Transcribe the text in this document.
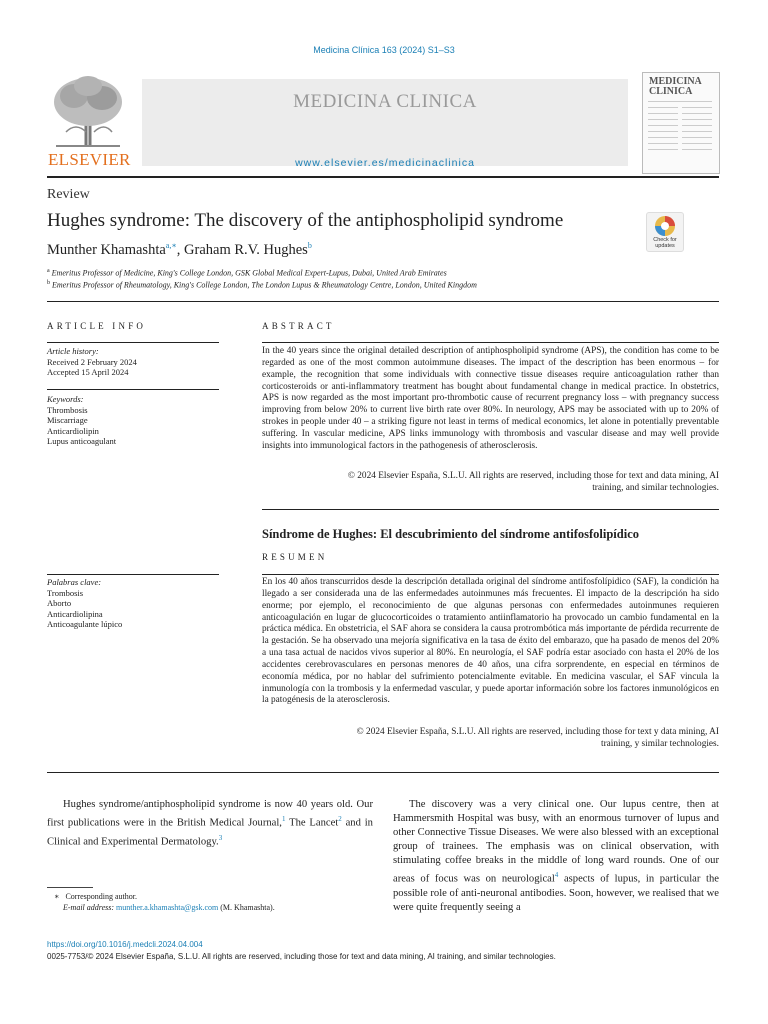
Medicina Clínica 163 (2024) S1–S3
ELSEVIER
MEDICINA CLINICA
www.elsevier.es/medicinaclinica
MEDICINA
CLINICA
Review
Hughes syndrome: The discovery of the antiphospholipid syndrome
Check for
updates
Munther Khamashta$^{a,∗}$, Graham R.V. Hughes$^b$
$^a$ Emeritus Professor of Medicine, King's College London, GSK Global Medical Expert-Lupus, Dubai, United Arab Emirates
$^b$ Emeritus Professor of Rheumatology, King's College London, The London Lupus & Rheumatology Centre, London, United Kingdom
ARTICLE INFO
Article history:
Received 2 February 2024
Accepted 15 April 2024
Keywords:
Thrombosis
Miscarriage
Anticardiolipin
Lupus anticoagulant
Palabras clave:
Trombosis
Aborto
Anticardiolipina
Anticoagulante lúpico
ABSTRACT
In the 40 years since the original detailed description of antiphospholipid syndrome (APS), the condition has come to be regarded as one of the most common autoimmune diseases. The impact of the description has been enormous – for example, the recognition that some individuals with connective tissue diseases require anticoagulation rather than corticosteroids or anti-inflammatory treatment has bought about fundamental change in medical practice. In obstetrics, APS is now regarded as the most important pro-thrombotic cause of recurrent pregnancy loss – with pregnancy success improving from below 20% to current live birth rate over 80%. In neurology, APS may be associated with up to 20% of strokes in people under 40 – a striking figure not least in terms of medical economics, let alone in potentially preventable suffering. In vascular medicine, APS links immunology with thrombosis and vascular disease and may well provide insights into immunological factors in the pathogenesis of atherosclerosis.
© 2024 Elsevier España, S.L.U. All rights are reserved, including those for text and data mining, AI
training, and similar technologies.
Síndrome de Hughes: El descubrimiento del síndrome antifosfolipídico
RESUMEN
En los 40 años transcurridos desde la descripción detallada original del síndrome antifosfolípidico (SAF), la condición ha llegado a ser considerada una de las enfermedades autoinmunes más frecuentes. El impacto de la descripción ha sido enorme; por ejemplo, el reconocimiento de que algunas personas con enfermedades autoinmunes requieren anticoagulación en lugar de glucocorticoides o tratamiento antiinflamatorio ha provocado un cambio fundamental en la práctica médica. En obstetricia, el SAF ahora se considera la causa protrombótica más importante de pérdida recurrente de la gestación. Se ha observado una mejoría significativa en la tasa de éxito del embarazo, que ha pasado de menos del 20% a una tasa actual de nacidos vivos superior al 80%. En neurología, el SAF podría estar asociado con hasta el 20% de los accidentes cerebrovasculares en personas menores de 40 años, una cifra sorprendente, en especial en términos de economía médica, por no hablar del sufrimiento potencialmente evitable. En medicina vascular, el SAF vincula la inmunología con la trombosis y la enfermedad vascular, y puede aportar información sobre los factores inmunológicos en la patogénesis de la aterosclerosis.
© 2024 Elsevier España, S.L.U. All rights are reserved, including those for text y data mining, AI
training, y similar technologies.
Hughes syndrome/antiphospholipid syndrome is now 40 years old. Our first publications were in the British Medical Journal,$^1$ The Lancet$^2$ and in Clinical and Experimental Dermatology.$^3$
The discovery was a very clinical one. Our lupus centre, then at Hammersmith Hospital was busy, with an enormous turnover of lupus and other Connective Tissue Diseases. We were also blessed with an exceptional group of trainees. The emphasis was on clinical observation, with stimulating coffee breaks in the middle of long ward rounds. One of our areas of focus was on neurological$^4$ aspects of lupus, in particular the possible role of anti-neuronal antibodies. Soon, however, we realised that we were quite frequently seeing a
∗ Corresponding author.
E-mail address: munther.a.khamashta@gsk.com (M. Khamashta).
https://doi.org/10.1016/j.medcli.2024.04.004
0025-7753/© 2024 Elsevier España, S.L.U. All rights are reserved, including those for text and data mining, AI training, and similar technologies.
